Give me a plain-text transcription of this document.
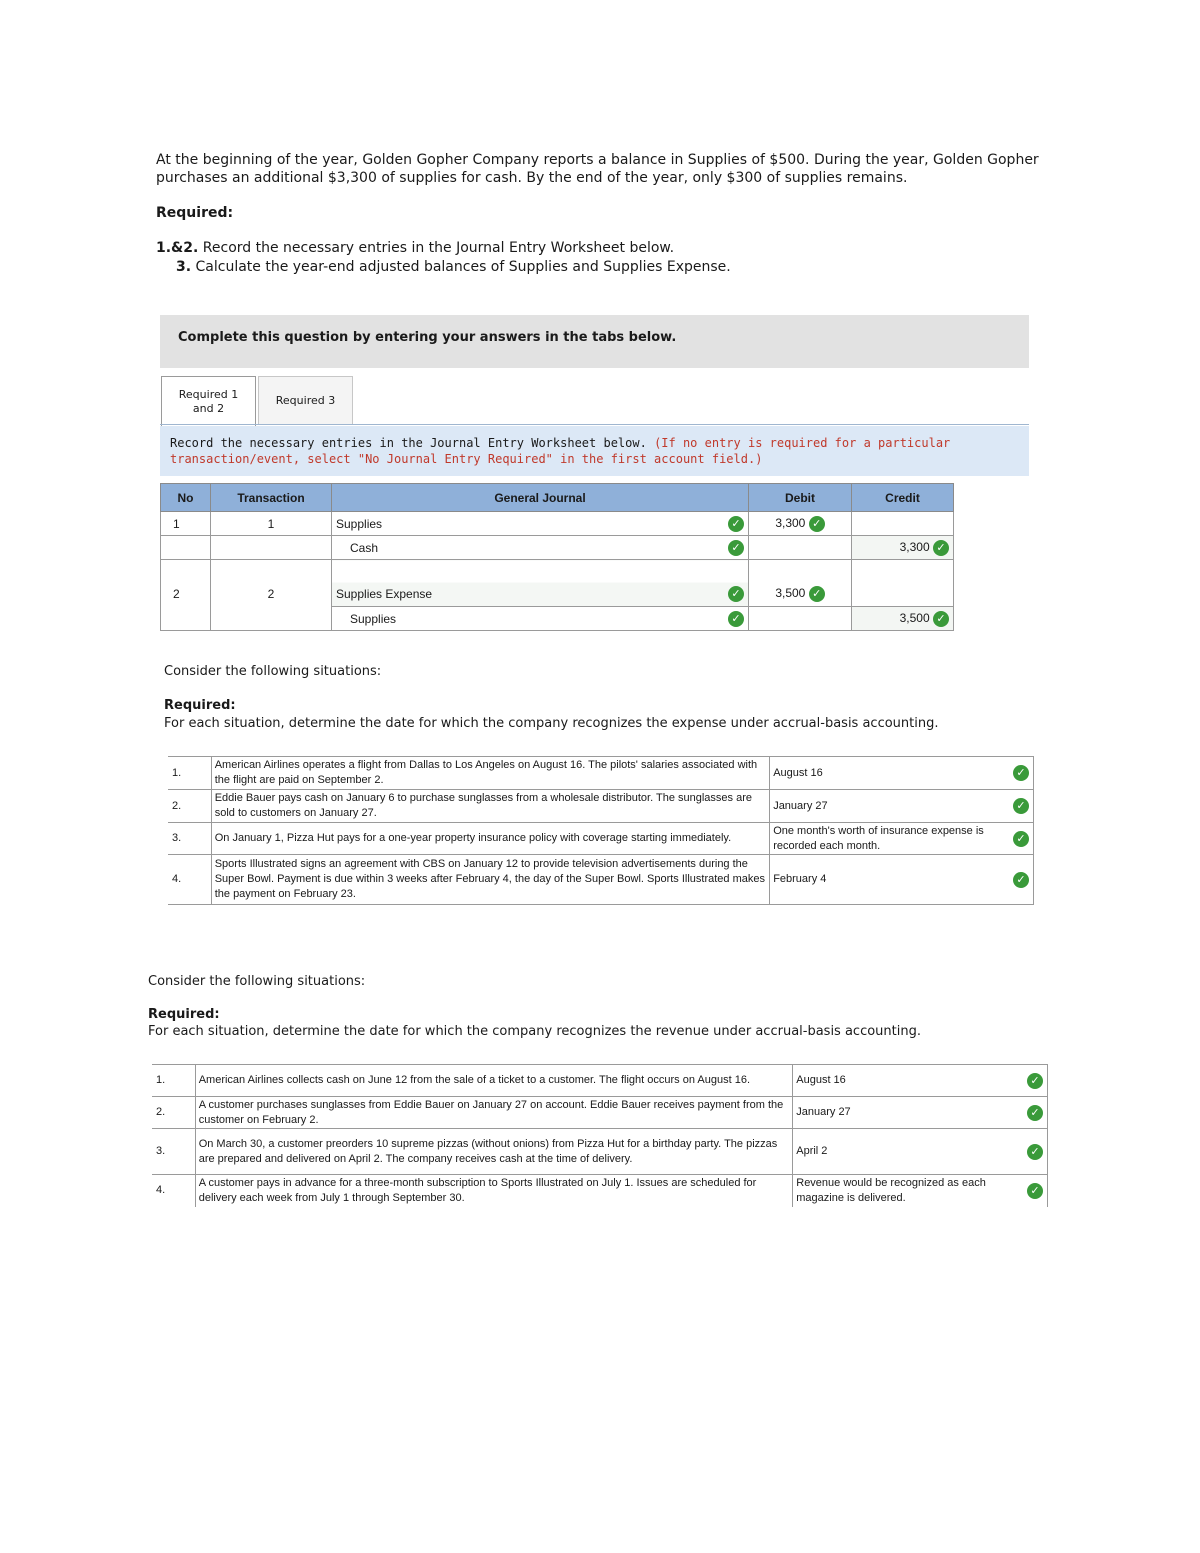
At the beginning of the year, Golden Gopher Company reports a balance in Supplies of $500. During the year, Golden Gopher purchases an additional $3,300 of supplies for cash. By the end of the year, only $300 of supplies remains.
Required:
1.&2. Record the necessary entries in the Journal Entry Worksheet below.
3. Calculate the year-end adjusted balances of Supplies and Supplies Expense.
Complete this question by entering your answers in the tabs below.
Required 1 and 2
Required 3
Record the necessary entries in the Journal Entry Worksheet below. (If no entry is required for a particular transaction/event, select "No Journal Entry Required" in the first account field.)
No	Transaction	General Journal	Debit	Credit
1	1	Supplies ✓	3,300 ✓	
		Cash ✓		3,300 ✓
2	2	Supplies Expense ✓	3,500 ✓	
		Supplies ✓		3,500 ✓
Consider the following situations:
Required:
For each situation, determine the date for which the company recognizes the expense under accrual-basis accounting.
1.	American Airlines operates a flight from Dallas to Los Angeles on August 16. The pilots' salaries associated with the flight are paid on September 2.	August 16 ✓

2.	Eddie Bauer pays cash on January 6 to purchase sunglasses from a wholesale distributor. The sunglasses are sold to customers on January 27.	January 27 ✓

3.	On January 1, Pizza Hut pays for a one-year property insurance policy with coverage starting immediately.	One month's worth of insurance expense is recorded each month.
✓

4.	Sports Illustrated signs an agreement with CBS on January 12 to provide television advertisements during the Super Bowl. Payment is due within 3 weeks after February 4, the day of the Super Bowl. Sports Illustrated makes the payment on February 23.	February 4 ✓
Consider the following situations:
Required:
For each situation, determine the date for which the company recognizes the revenue under accrual-basis accounting.
1.	American Airlines collects cash on June 12 from the sale of a ticket to a customer. The flight occurs on August 16.	August 16 ✓

2.	A customer purchases sunglasses from Eddie Bauer on January 27 on account. Eddie Bauer receives payment from the customer on February 2.	January 27 ✓

3.	On March 30, a customer preorders 10 supreme pizzas (without onions) from Pizza Hut for a birthday party. The pizzas are prepared and delivered on April 2. The company receives cash at the time of delivery.	April 2 ✓

4.	A customer pays in advance for a three-month subscription to Sports Illustrated on July 1. Issues are scheduled for delivery each week from July 1 through September 30.	Revenue would be recognized as each magazine is delivered.
✓
